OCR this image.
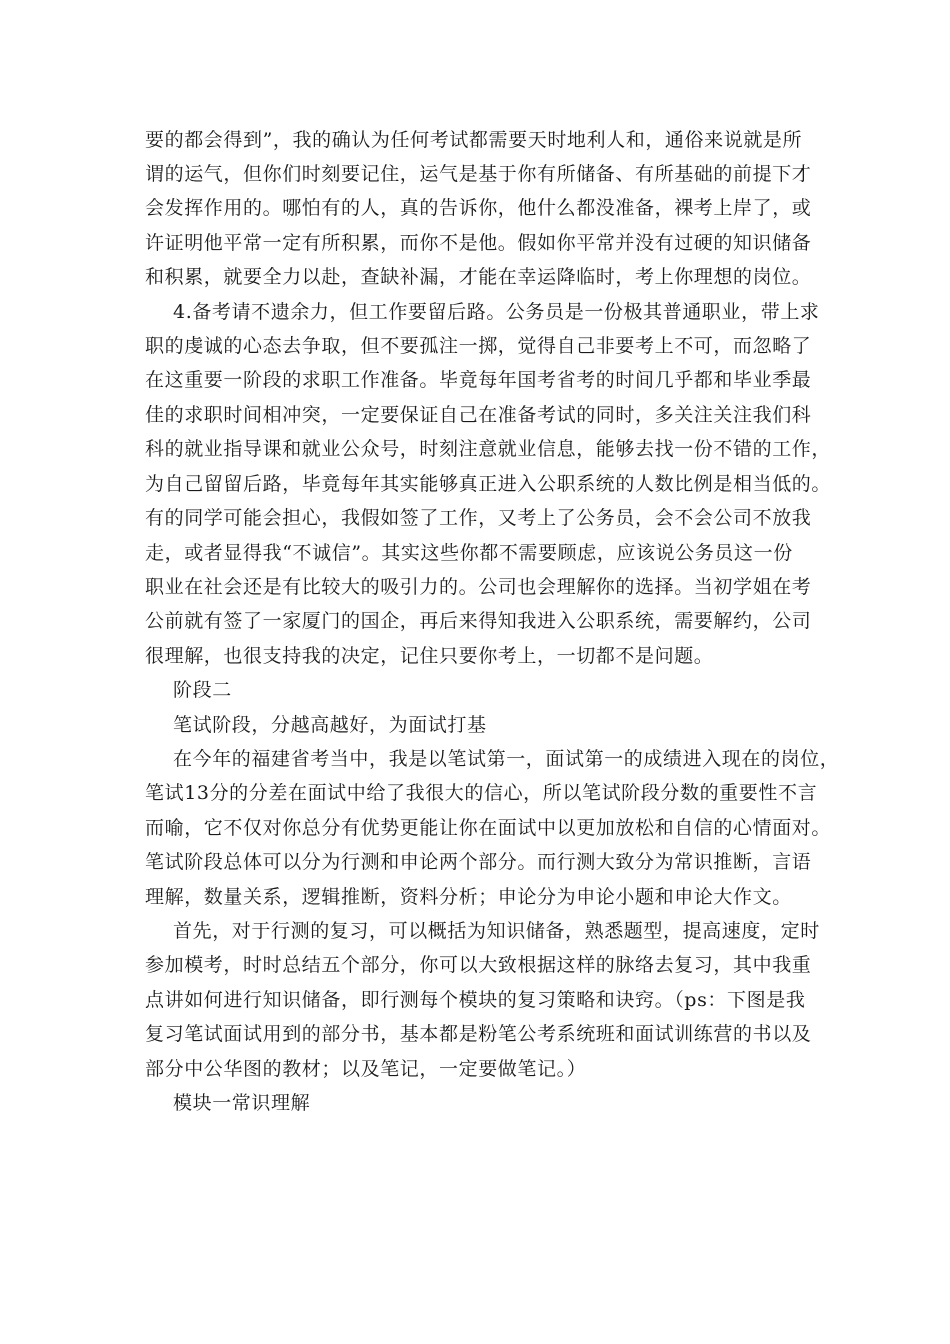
要的都会得到”，我的确认为任何考试都需要天时地利人和，通俗来说就是所
谓的运气，但你们时刻要记住，运气是基于你有所储备、有所基础的前提下才
会发挥作用的。哪怕有的人，真的告诉你，他什么都没准备，裸考上岸了，或
许证明他平常一定有所积累，而你不是他。假如你平常并没有过硬的知识储备
和积累，就要全力以赴，查缺补漏，才能在幸运降临时，考上你理想的岗位。
4.备考请不遗余力，但工作要留后路。公务员是一份极其普通职业，带上求
职的虔诚的心态去争取，但不要孤注一掷，觉得自己非要考上不可，而忽略了
在这重要一阶段的求职工作准备。毕竟每年国考省考的时间几乎都和毕业季最
佳的求职时间相冲突，一定要保证自己在准备考试的同时，多关注关注我们科
科的就业指导课和就业公众号，时刻注意就业信息，能够去找一份不错的工作，
为自己留留后路，毕竟每年其实能够真正进入公职系统的人数比例是相当低的。
有的同学可能会担心，我假如签了工作，又考上了公务员，会不会公司不放我
走，或者显得我“不诚信”。其实这些你都不需要顾虑，应该说公务员这一份
职业在社会还是有比较大的吸引力的。公司也会理解你的选择。当初学姐在考
公前就有签了一家厦门的国企，再后来得知我进入公职系统，需要解约，公司
很理解，也很支持我的决定，记住只要你考上，一切都不是问题。
阶段二
笔试阶段，分越高越好，为面试打基
在今年的福建省考当中，我是以笔试第一，面试第一的成绩进入现在的岗位，
笔试13分的分差在面试中给了我很大的信心，所以笔试阶段分数的重要性不言
而喻，它不仅对你总分有优势更能让你在面试中以更加放松和自信的心情面对。
笔试阶段总体可以分为行测和申论两个部分。而行测大致分为常识推断，言语
理解，数量关系，逻辑推断，资料分析；申论分为申论小题和申论大作文。
首先，对于行测的复习，可以概括为知识储备，熟悉题型，提高速度，定时
参加模考，时时总结五个部分，你可以大致根据这样的脉络去复习，其中我重
点讲如何进行知识储备，即行测每个模块的复习策略和诀窍。（ps：下图是我
复习笔试面试用到的部分书，基本都是粉笔公考系统班和面试训练营的书以及
部分中公华图的教材；以及笔记，一定要做笔记。）
模块一常识理解
